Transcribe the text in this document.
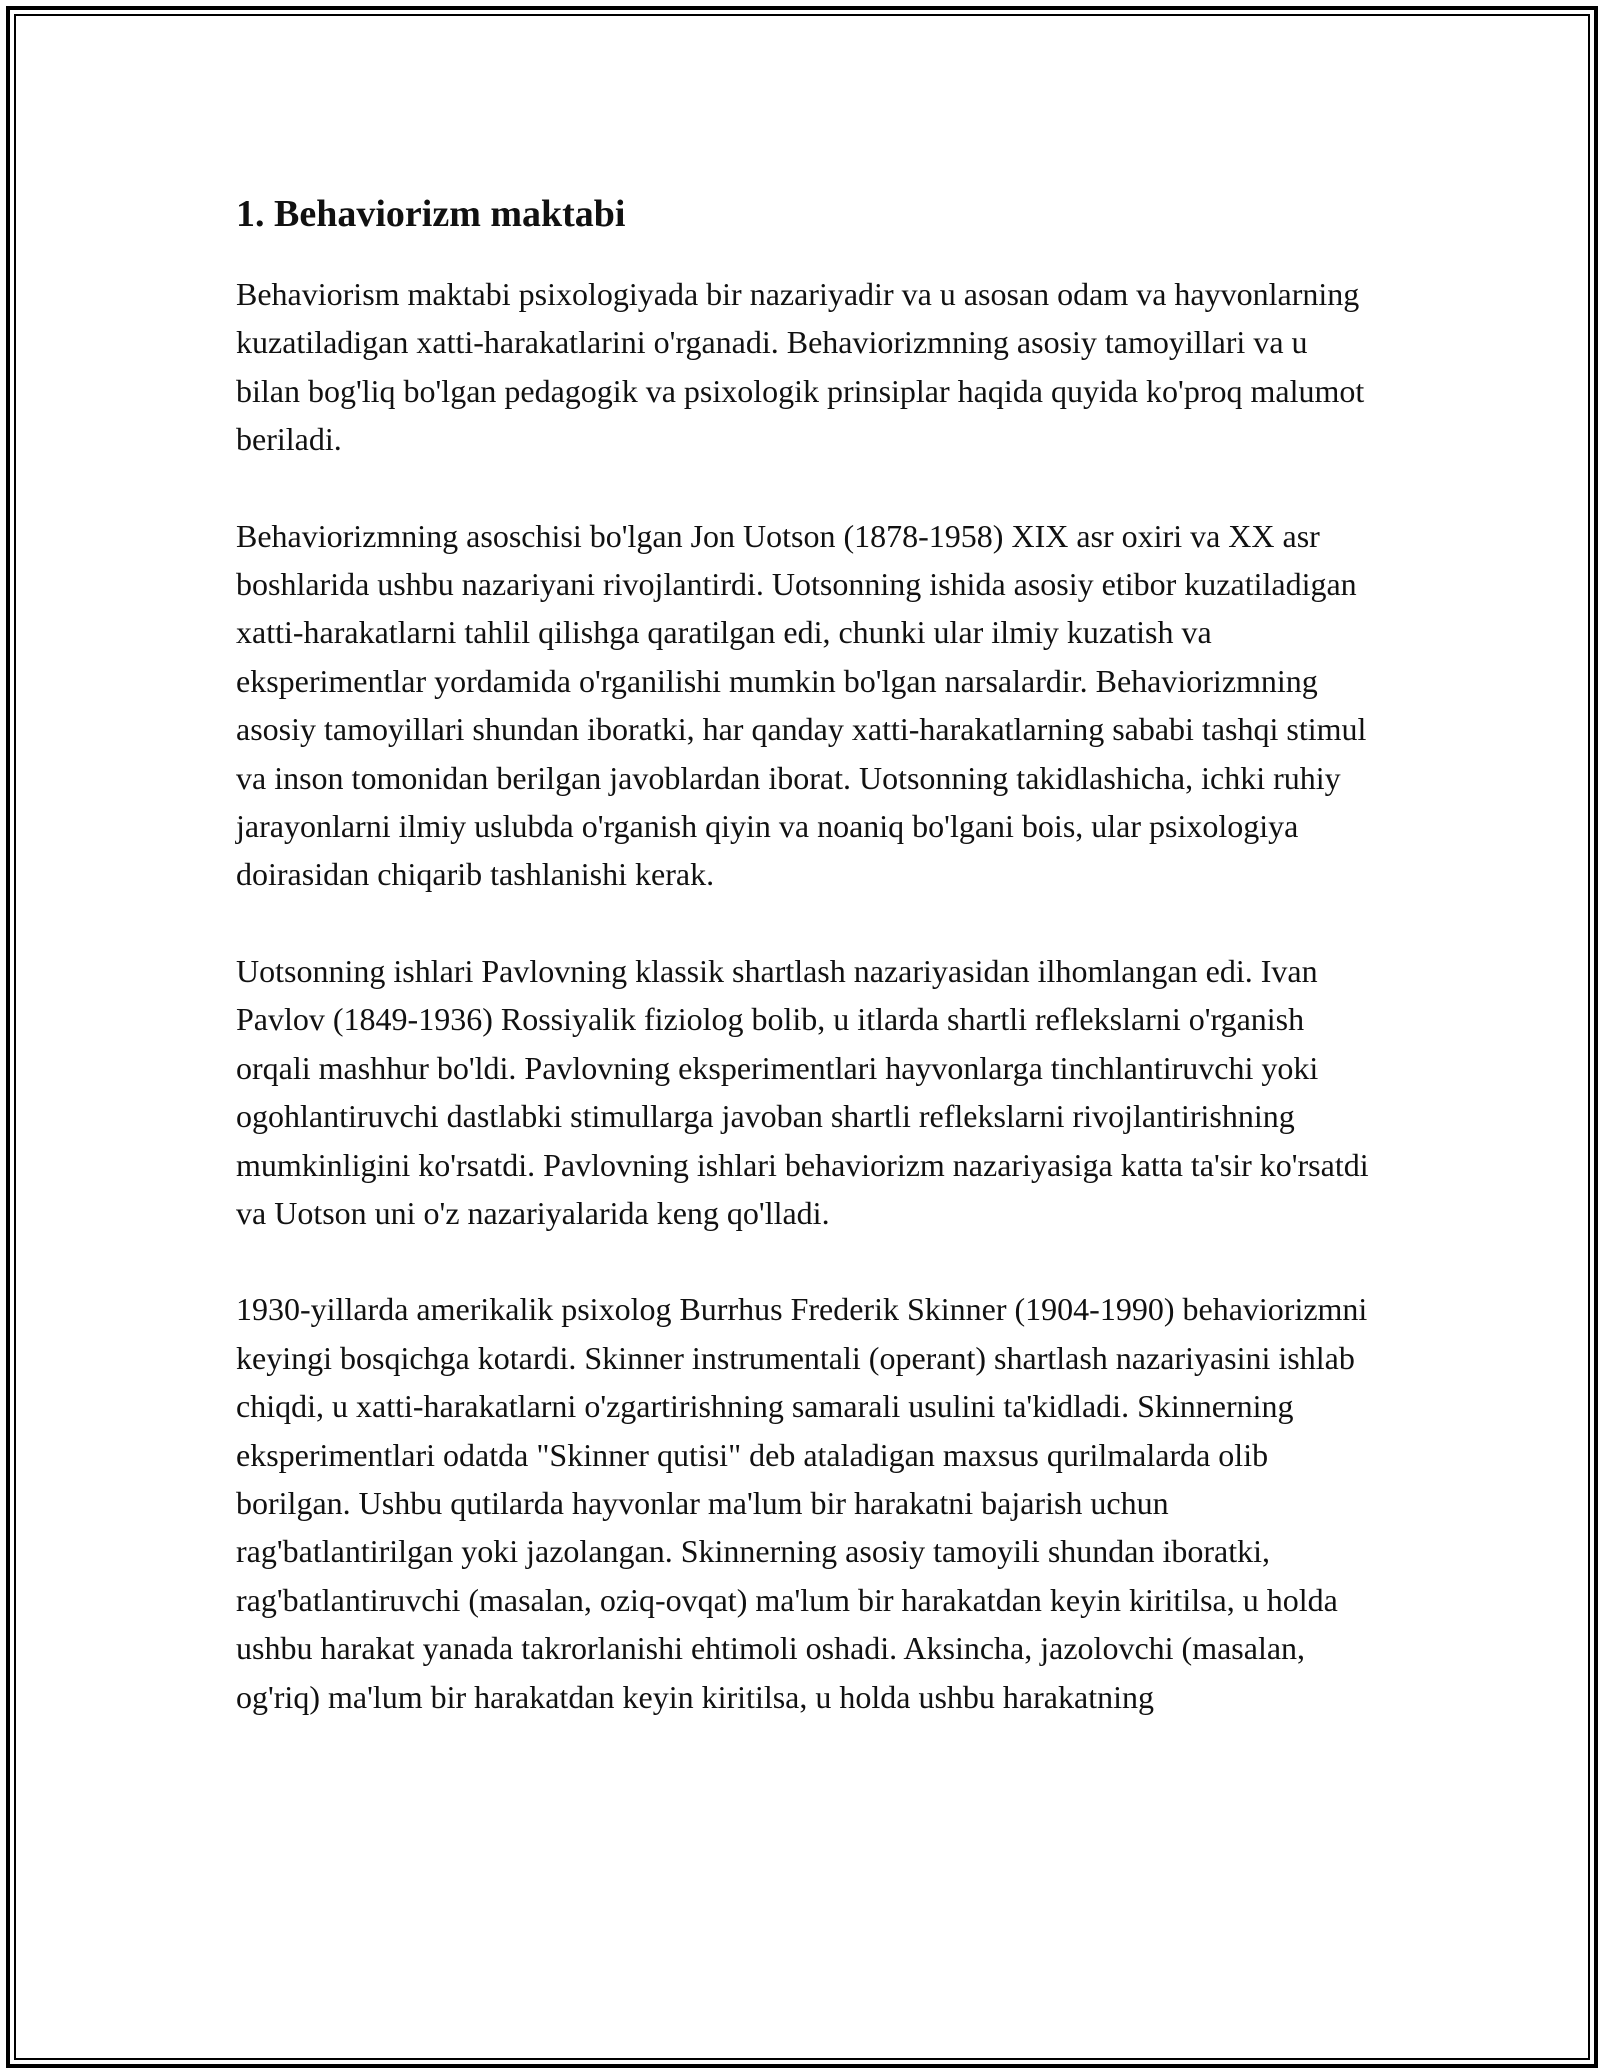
1. Behaviorizm maktabi

Behaviorism maktabi psixologiyada bir nazariyadir va u asosan odam va hayvonlarning kuzatiladigan xatti-harakatlarini o'rganadi. Behaviorizmning asosiy tamoyillari va u bilan bog'liq bo'lgan pedagogik va psixologik prinsiplar haqida quyida ko'proq malumot beriladi.

Behaviorizmning asoschisi bo'lgan Jon Uotson (1878-1958) XIX asr oxiri va XX asr boshlarida ushbu nazariyani rivojlantirdi. Uotsonning ishida asosiy etibor kuzatiladigan xatti-harakatlarni tahlil qilishga qaratilgan edi, chunki ular ilmiy kuzatish va eksperimentlar yordamida o'rganilishi mumkin bo'lgan narsalardir. Behaviorizmning asosiy tamoyillari shundan iboratki, har qanday xatti-harakatlarning sababi tashqi stimul va inson tomonidan berilgan javoblardan iborat. Uotsonning takidlashicha, ichki ruhiy jarayonlarni ilmiy uslubda o'rganish qiyin va noaniq bo'lgani bois, ular psixologiya doirasidan chiqarib tashlanishi kerak.

Uotsonning ishlari Pavlovning klassik shartlash nazariyasidan ilhomlangan edi. Ivan Pavlov (1849-1936) Rossiyalik fiziolog bolib, u itlarda shartli reflekslarni o'rganish orqali mashhur bo'ldi. Pavlovning eksperimentlari hayvonlarga tinchlantiruvchi yoki ogohlantiruvchi dastlabki stimullarga javoban shartli reflekslarni rivojlantirishning mumkinligini ko'rsatdi. Pavlovning ishlari behaviorizm nazariyasiga katta ta'sir ko'rsatdi va Uotson uni o'z nazariyalarida keng qo'lladi.

1930-yillarda amerikalik psixolog Burrhus Frederik Skinner (1904-1990) behaviorizmni keyingi bosqichga kotardi. Skinner instrumentali (operant) shartlash nazariyasini ishlab chiqdi, u xatti-harakatlarni o'zgartirishning samarali usulini ta'kidladi. Skinnerning eksperimentlari odatda "Skinner qutisi" deb ataladigan maxsus qurilmalarda olib borilgan. Ushbu qutilarda hayvonlar ma'lum bir harakatni bajarish uchun rag'batlantirilgan yoki jazolangan. Skinnerning asosiy tamoyili shundan iboratki, rag'batlantiruvchi (masalan, oziq-ovqat) ma'lum bir harakatdan keyin kiritilsa, u holda ushbu harakat yanada takrorlanishi ehtimoli oshadi. Aksincha, jazolovchi (masalan, og'riq) ma'lum bir harakatdan keyin kiritilsa, u holda ushbu harakatning
